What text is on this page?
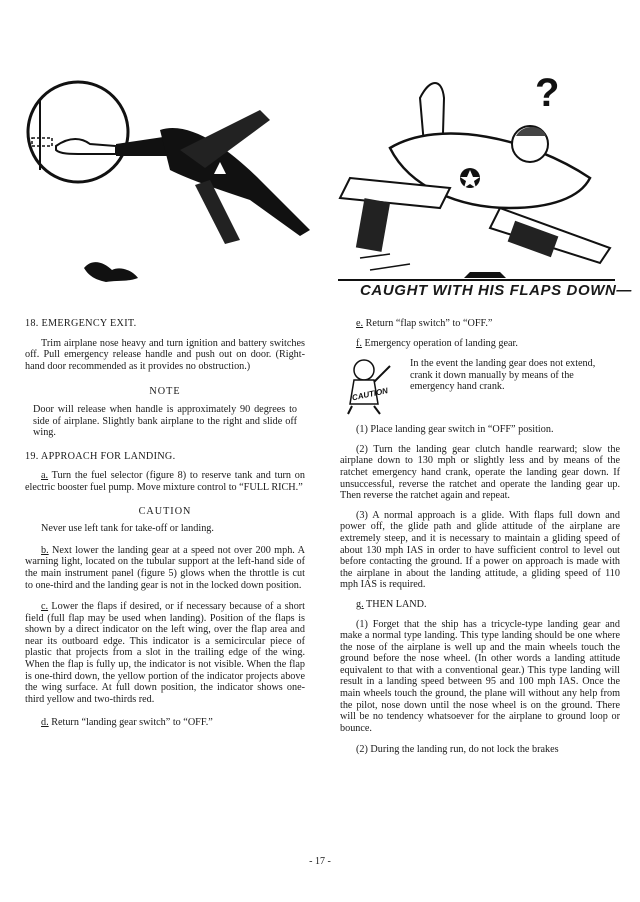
?
CAUGHT WITH HIS FLAPS DOWN—
18. EMERGENCY EXIT.

Trim airplane nose heavy and turn ignition and battery switches off. Pull emergency release handle and push out on door. (Right-hand door recommended as it provides no obstruction.)

NOTE

Door will release when handle is approximately 90 degrees to side of airplane. Slightly bank airplane to the right and slide off wing.

19. APPROACH FOR LANDING.

a. Turn the fuel selector (figure 8) to reserve tank and turn on electric booster fuel pump. Move mixture control to “FULL RICH.”

CAUTION

Never use left tank for take-off or landing.

b. Next lower the landing gear at a speed not over 200 mph. A warning light, located on the tubular support at the left-hand side of the main instrument panel (figure 5) glows when the throttle is cut to one-third and the landing gear is not in the locked down position.

c. Lower the flaps if desired, or if necessary because of a short field (full flap may be used when landing). Position of the flaps is shown by a direct indicator on the left wing, over the flap area and near its outboard edge. This indicator is a semicircular piece of plastic that projects from a slot in the trailing edge of the wing. When the flap is fully up, the indicator is not visible. When the flap is one-third down, the yellow portion of the indicator projects above the wing surface. At full down position, the indicator shows one-third yellow and two-thirds red.

d. Return “landing gear switch” to “OFF.”

e. Return “flap switch” to “OFF.”

f. Emergency operation of landing gear.

CAUTION
In the event the landing gear does not extend, crank it down manually by means of the emergency hand crank.

(1) Place landing gear switch in “OFF” position.

(2) Turn the landing gear clutch handle rearward; slow the airplane down to 130 mph or slightly less and by means of the ratchet emergency hand crank, operate the landing gear down. If unsuccessful, reverse the ratchet and operate the landing gear up. Then reverse the ratchet again and repeat.

(3) A normal approach is a glide. With flaps full down and power off, the glide path and glide attitude of the airplane are extremely steep, and it is necessary to maintain a gliding speed of about 130 mph IAS in order to have sufficient control to level out before contacting the ground. If a power on approach is made with the airplane in about the landing attitude, a gliding speed of 110 mph IAS is required.

g. THEN LAND.

(1) Forget that the ship has a tricycle-type landing gear and make a normal type landing. This type landing should be one where the nose of the airplane is well up and the main wheels touch the ground before the nose wheel. (In other words a landing attitude equivalent to that with a conventional gear.) This type landing will result in a landing speed between 95 and 100 mph IAS. Once the main wheels touch the ground, the plane will without any help from the pilot, nose down until the nose wheel is on the ground. There will be no tendency whatsoever for the airplane to ground loop or bounce.

(2) During the landing run, do not lock the brakes

- 17 -
